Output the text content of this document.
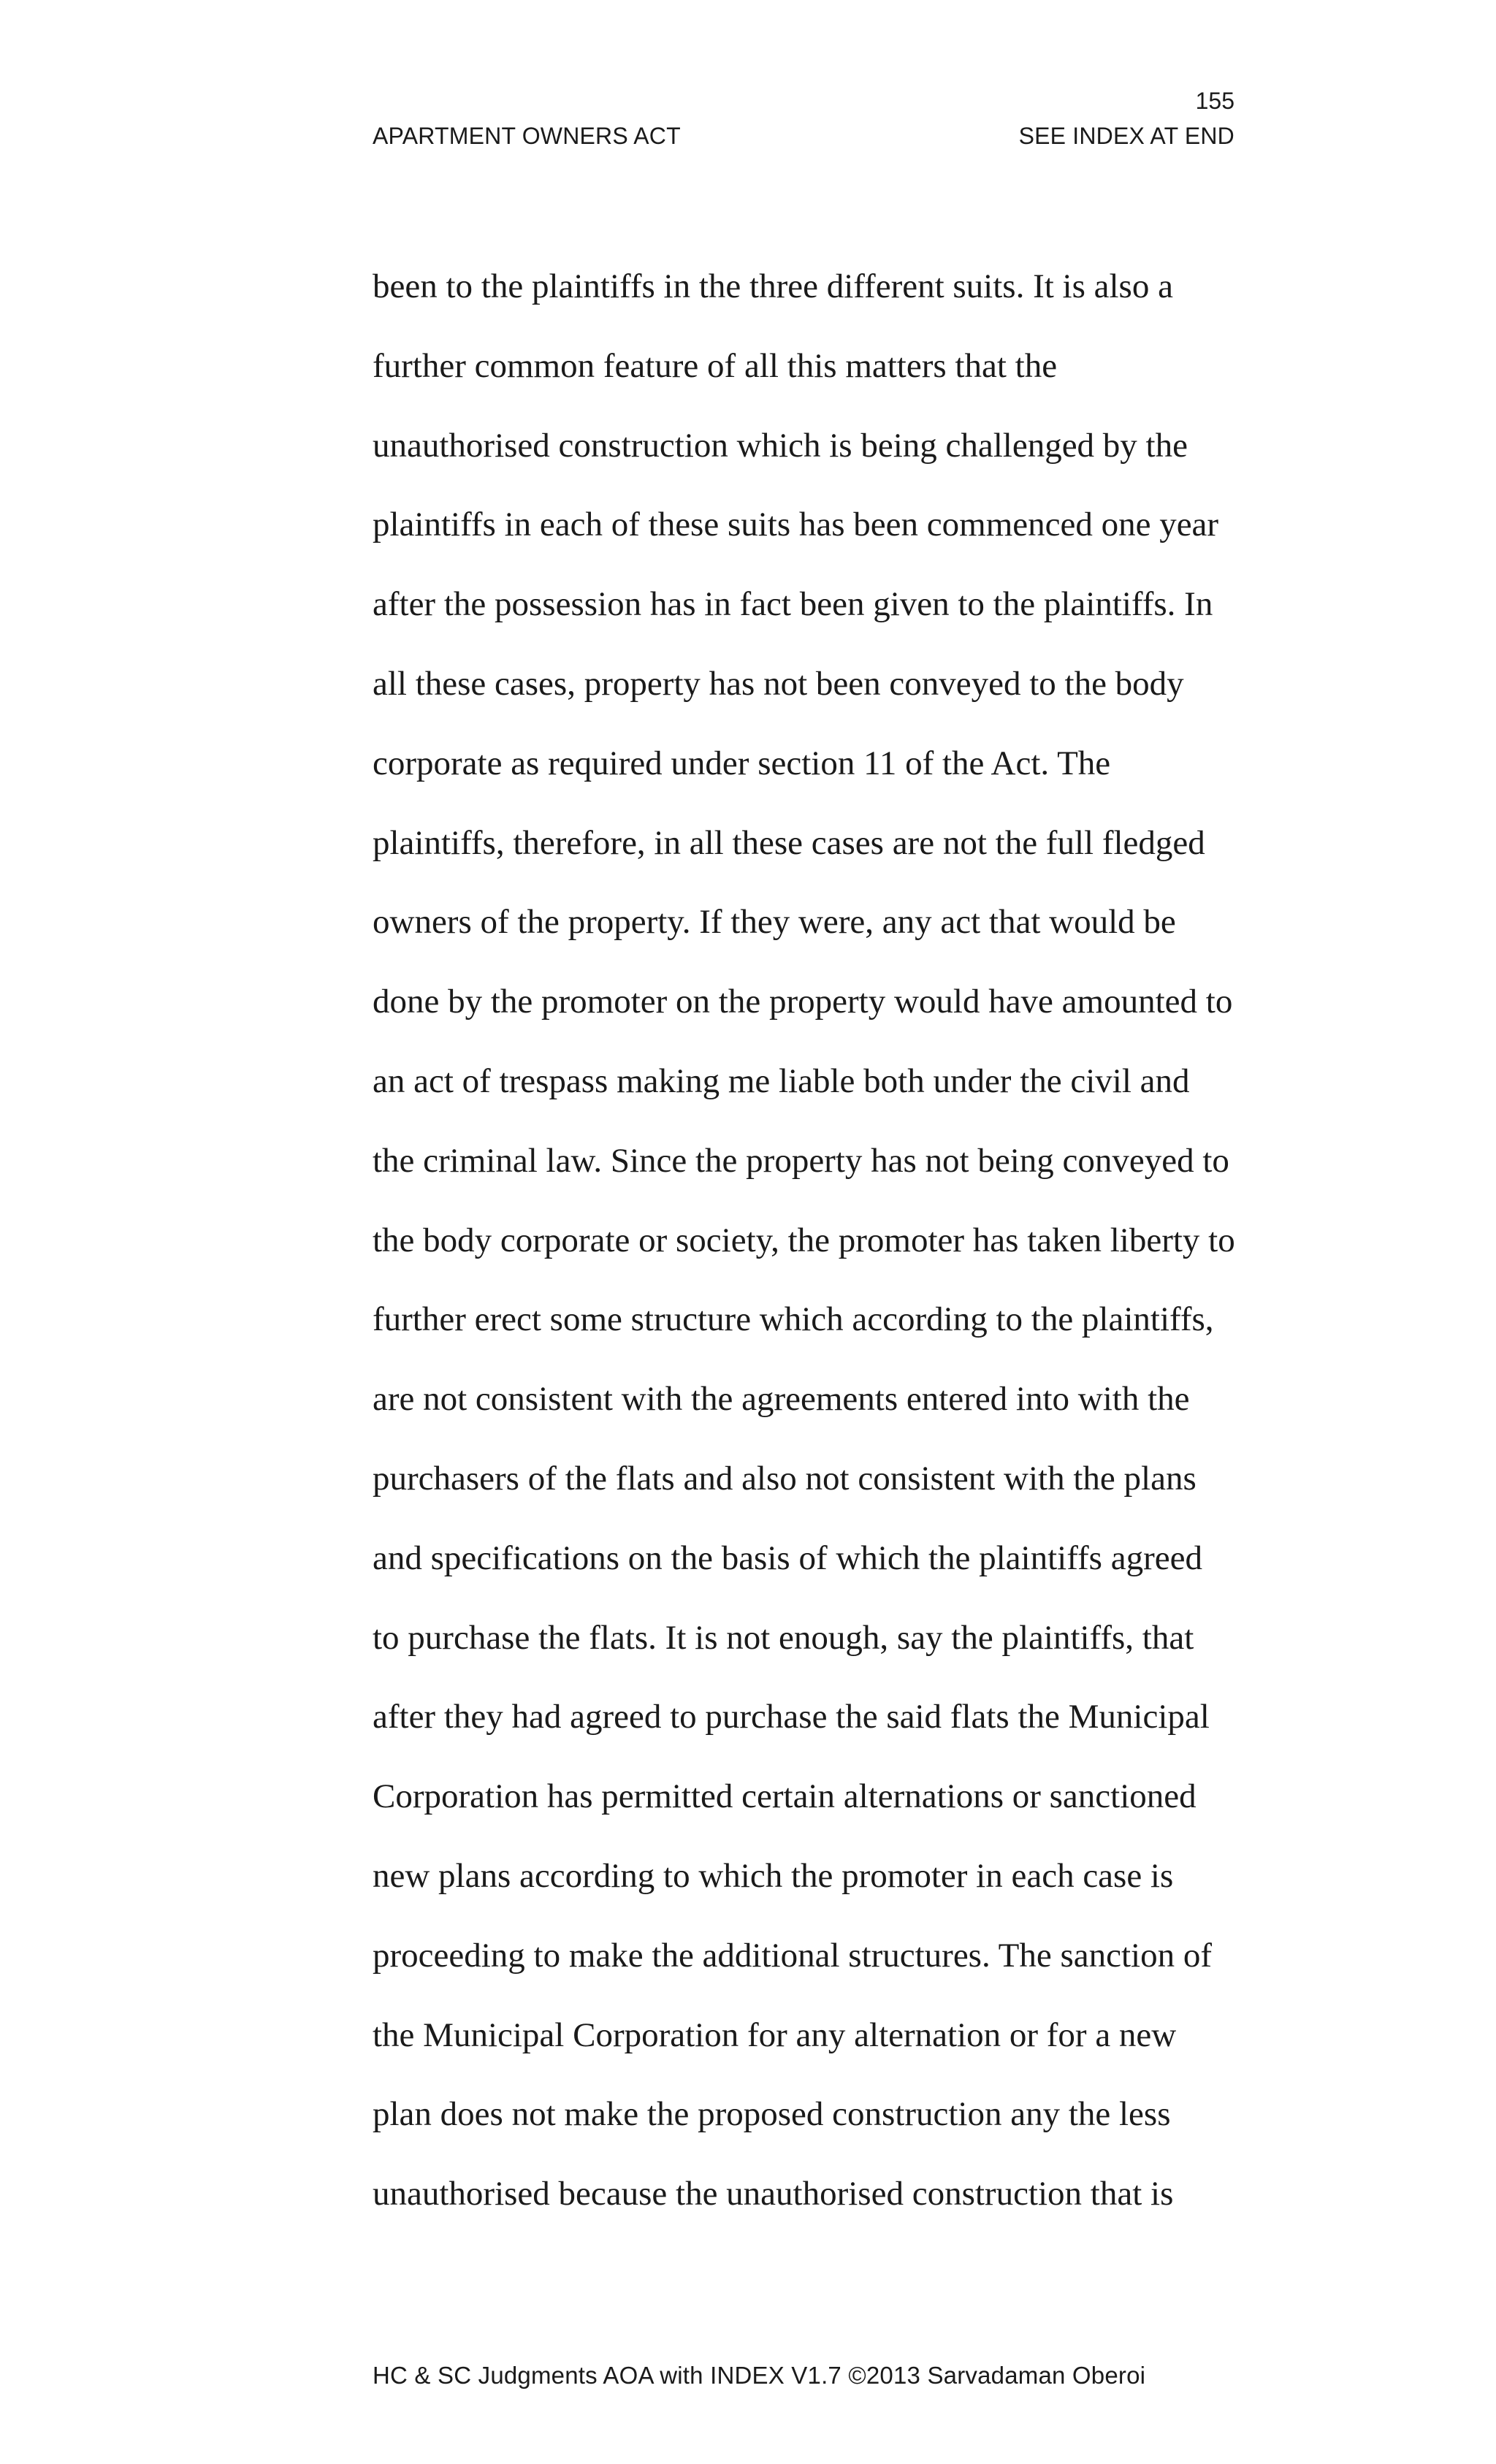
155
APARTMENT OWNERS ACT	SEE INDEX AT END
been to the plaintiffs in the three different suits. It is also a
further common feature of all this matters that the
unauthorised construction which is being challenged by the
plaintiffs in each of these suits has been commenced one year
after the possession has in fact been given to the plaintiffs. In
all these cases, property has not been conveyed to the body
corporate as required under section 11 of the Act. The
plaintiffs, therefore, in all these cases are not the full fledged
owners of the property. If they were, any act that would be
done by the promoter on the property would have amounted to
an act of trespass making me liable both under the civil and
the criminal law. Since the property has not being conveyed to
the body corporate or society, the promoter has taken liberty to
further erect some structure which according to the plaintiffs,
are not consistent with the agreements entered into with the
purchasers of the flats and also not consistent with the plans
and specifications on the basis of which the plaintiffs agreed
to purchase the flats. It is not enough, say the plaintiffs, that
after they had agreed to purchase the said flats the Municipal
Corporation has permitted certain alternations or sanctioned
new plans according to which the promoter in each case is
proceeding to make the additional structures. The sanction of
the Municipal Corporation for any alternation or for a new
plan does not make the proposed construction any the less
unauthorised because the unauthorised construction that is
HC & SC Judgments AOA with INDEX V1.7 ©2013 Sarvadaman Oberoi
